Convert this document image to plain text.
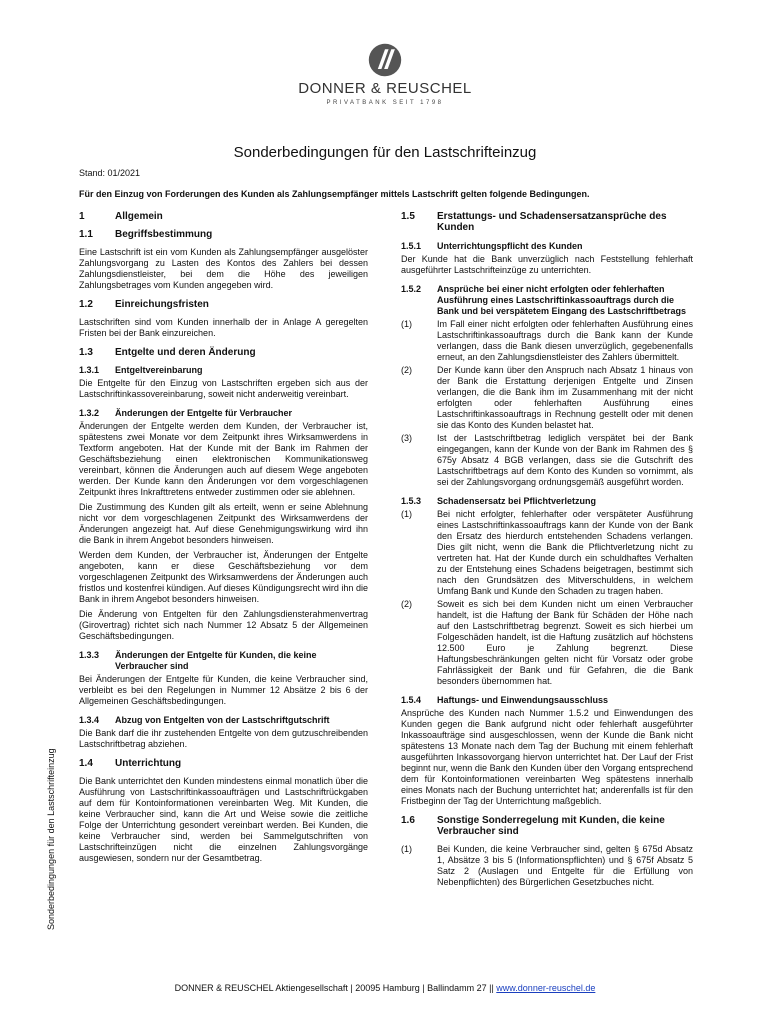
DONNER & REUSCHEL
PRIVATBANK SEIT 1798
Sonderbedingungen für den Lastschrifteinzug
Stand: 01/2021
Für den Einzug von Forderungen des Kunden als Zahlungsempfänger mittels Lastschrift gelten folgende Bedingungen.
Sonderbedingungen für den Lastschrifteinzug
1	Allgemein
1.1	Begriffsbestimmung

Eine Lastschrift ist ein vom Kunden als Zahlungsempfänger ausgelöster Zahlungsvorgang zu Lasten des Kontos des Zahlers bei dessen Zahlungsdienstleister, bei dem die Höhe des jeweiligen Zahlungsbetrages vom Kunden angegeben wird.

1.2	Einreichungsfristen

Lastschriften sind vom Kunden innerhalb der in Anlage A geregelten Fristen bei der Bank einzureichen.

1.3	Entgelte und deren Änderung
1.3.1	Entgeltvereinbarung

Die Entgelte für den Einzug von Lastschriften ergeben sich aus der Lastschriftinkassovereinbarung, soweit nicht anderweitig vereinbart.

1.3.2	Änderungen der Entgelte für Verbraucher

Änderungen der Entgelte werden dem Kunden, der Verbraucher ist, spätestens zwei Monate vor dem Zeitpunkt ihres Wirksamwerdens in Textform angeboten. Hat der Kunde mit der Bank im Rahmen der Geschäftsbeziehung einen elektronischen Kommunikationsweg vereinbart, können die Änderungen auch auf diesem Wege angeboten werden. Der Kunde kann den Änderungen vor dem vorgeschlagenen Zeitpunkt ihres Inkrafttretens entweder zustimmen oder sie ablehnen.

Die Zustimmung des Kunden gilt als erteilt, wenn er seine Ablehnung nicht vor dem vorgeschlagenen Zeitpunkt des Wirksamwerdens der Änderungen angezeigt hat. Auf diese Genehmigungswirkung wird ihn die Bank in ihrem Angebot besonders hinweisen.

Werden dem Kunden, der Verbraucher ist, Änderungen der Entgelte angeboten, kann er diese Geschäftsbeziehung vor dem vorgeschlagenen Zeitpunkt des Wirksamwerdens der Änderungen auch fristlos und kostenfrei kündigen. Auf dieses Kündigungsrecht wird ihn die Bank in ihrem Angebot besonders hinweisen.

Die Änderung von Entgelten für den Zahlungsdiensterahmenvertrag (Girovertrag) richtet sich nach Nummer 12 Absatz 5 der Allgemeinen Geschäftsbedingungen.

1.3.3	Änderungen der Entgelte für Kunden, die keine Verbraucher sind

Bei Änderungen der Entgelte für Kunden, die keine Verbraucher sind, verbleibt es bei den Regelungen in Nummer 12 Absätze 2 bis 6 der Allgemeinen Geschäftsbedingungen.

1.3.4	Abzug von Entgelten von der Lastschriftgutschrift

Die Bank darf die ihr zustehenden Entgelte von dem gutzuschreibenden Lastschriftbetrag abziehen.

1.4	Unterrichtung

Die Bank unterrichtet den Kunden mindestens einmal monatlich über die Ausführung von Lastschriftinkassoaufträgen und Lastschriftrückgaben auf dem für Kontoinformationen vereinbarten Weg. Mit Kunden, die keine Verbraucher sind, kann die Art und Weise sowie die zeitliche Folge der Unterrichtung gesondert vereinbart werden. Bei Kunden, die keine Verbraucher sind, werden bei Sammelgutschriften von Lastschrifteinzügen nicht die einzelnen Zahlungsvorgänge ausgewiesen, sondern nur der Gesamtbetrag.

1.5	Erstattungs- und Schadensersatzansprüche des Kunden
1.5.1	Unterrichtungspflicht des Kunden

Der Kunde hat die Bank unverzüglich nach Feststellung fehlerhaft ausgeführter Lastschrifteinzüge zu unterrichten.

1.5.2	Ansprüche bei einer nicht erfolgten oder fehlerhaften Ausführung eines Lastschriftinkassoauftrags durch die Bank und bei verspätetem Eingang des Lastschriftbetrags
(1)	Im Fall einer nicht erfolgten oder fehlerhaften Ausführung eines Lastschriftinkassoauftrags durch die Bank kann der Kunde verlangen, dass die Bank diesen unverzüglich, gegebenenfalls erneut, an den Zahlungsdienstleister des Zahlers übermittelt.
(2)	Der Kunde kann über den Anspruch nach Absatz 1 hinaus von der Bank die Erstattung derjenigen Entgelte und Zinsen verlangen, die die Bank ihm im Zusammenhang mit der nicht erfolgten oder fehlerhaften Ausführung eines Lastschriftinkassoauftrags in Rechnung gestellt oder mit denen sie das Konto des Kunden belastet hat.
(3)	Ist der Lastschriftbetrag lediglich verspätet bei der Bank eingegangen, kann der Kunde von der Bank im Rahmen des § 675y Absatz 4 BGB verlangen, dass sie die Gutschrift des Lastschriftbetrags auf dem Konto des Kunden so vornimmt, als sei der Zahlungsvorgang ordnungsgemäß ausgeführt worden.
1.5.3	Schadensersatz bei Pflichtverletzung
(1)	Bei nicht erfolgter, fehlerhafter oder verspäteter Ausführung eines Lastschriftinkassoauftrags kann der Kunde von der Bank den Ersatz des hierdurch entstehenden Schadens verlangen. Dies gilt nicht, wenn die Bank die Pflichtverletzung nicht zu vertreten hat. Hat der Kunde durch ein schuldhaftes Verhalten zu der Entstehung eines Schadens beigetragen, bestimmt sich nach den Grundsätzen des Mitverschuldens, in welchem Umfang Bank und Kunde den Schaden zu tragen haben.
(2)	Soweit es sich bei dem Kunden nicht um einen Verbraucher handelt, ist die Haftung der Bank für Schäden der Höhe nach auf den Lastschriftbetrag begrenzt. Soweit es sich hierbei um Folgeschäden handelt, ist die Haftung zusätzlich auf höchstens 12.500 Euro je Zahlung begrenzt. Diese Haftungsbeschränkungen gelten nicht für Vorsatz oder grobe Fahrlässigkeit der Bank und für Gefahren, die die Bank besonders übernommen hat.
1.5.4	Haftungs- und Einwendungsausschluss

Ansprüche des Kunden nach Nummer 1.5.2 und Einwendungen des Kunden gegen die Bank aufgrund nicht oder fehlerhaft ausgeführter Inkassoaufträge sind ausgeschlossen, wenn der Kunde die Bank nicht spätestens 13 Monate nach dem Tag der Buchung mit einem fehlerhaft ausgeführten Inkassovorgang hiervon unterrichtet hat. Der Lauf der Frist beginnt nur, wenn die Bank den Kunden über den Vorgang entsprechend dem für Kontoinformationen vereinbarten Weg spätestens innerhalb eines Monats nach der Buchung unterrichtet hat; anderenfalls ist für den Fristbeginn der Tag der Unterrichtung maßgeblich.

1.6	Sonstige Sonderregelung mit Kunden, die keine Verbraucher sind
(1)	Bei Kunden, die keine Verbraucher sind, gelten § 675d Absatz 1, Absätze 3 bis 5 (Informationspflichten) und § 675f Absatz 5 Satz 2 (Auslagen und Entgelte für die Erfüllung von Nebenpflichten) des Bürgerlichen Gesetzbuches nicht.
DONNER & REUSCHEL Aktiengesellschaft | 20095 Hamburg | Ballindamm 27 || www.donner-reuschel.de
